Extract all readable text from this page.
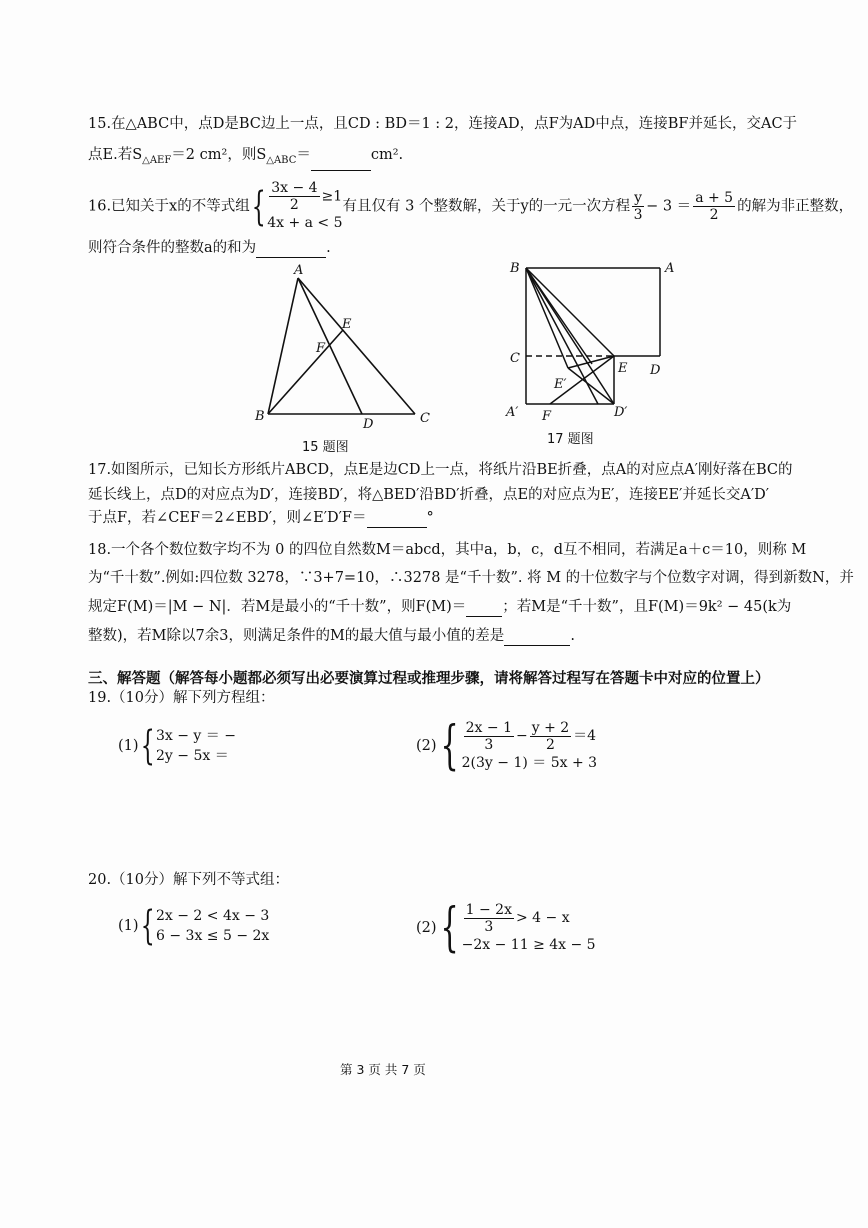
15.在△ABC中，点D是BC边上一点，且CD : BD＝1 : 2，连接AD，点F为AD中点，连接BF并延长，交AC于
点E.若$S_{\triangle AEF}=2$ cm²，则$S_{\triangle ABC}=$	cm².
16.已知关于x的不等式组{ $\frac{3x - 4}{2} \ge 1$
4x + a < 5
有且仅有 3 个整数解，关于y的一元一次方程 $\frac{y}{3} - 3 = \frac{a + 5}{2}$ 的解为非正整数，
则符合条件的整数a的和为	.
A
B	C
D
E
F
15 题图
B	A
C
E D
E′
A′ F	D′
17 题图
17.如图所示，已知长方形纸片ABCD，点E是边CD上一点，将纸片沿BE折叠，点A的对应点A′刚好落在BC的
延长线上，点D的对应点为D′，连接BD′，将△BED′沿BD′折叠，点E的对应点为E′，连接EE′并延长交A′D′
于点F，若∠CEF＝2∠EBD′，则∠E′D′F＝	°
18.一个各个数位数字均不为 0 的四位自然数M＝abcd，其中a，b，c，d互不相同，若满足a＋c＝10，则称 M
为“千十数”.例如:四位数 3278，∵3+7=10，∴3278 是“千十数”. 将 M 的十位数字与个位数字对调，得到新数N，并
规定F(M)＝|M − N|．若M是最小的“千十数”，则F(M)＝ ；若M是“千十数”，且F(M)＝9k² − 45(k为
整数)，若M除以7余3，则满足条件的M的最大值与最小值的差是	.
三、解答题（解答每小题都必须写出必要演算过程或推理步骤，请将解答过程写在答题卡中对应的位置上）
19.（10分）解下列方程组：
(1){ 3x − y ＝ −
2y − 5x ＝
$(2)\{ \frac{2x - 1}{3} - \frac{y + 2}{2} =4$
2(3y − 1) ＝ 5x + 3
20.（10分）解下列不等式组：
(1){ 2x − 2 < 4x − 3
6 − 3x ≤ 5 − 2x	$(2)\{ \frac{1 - 2x}{3} > 4 - x$
−2x − 11 ≥ 4x − 5
第 3 页 共 7 页
